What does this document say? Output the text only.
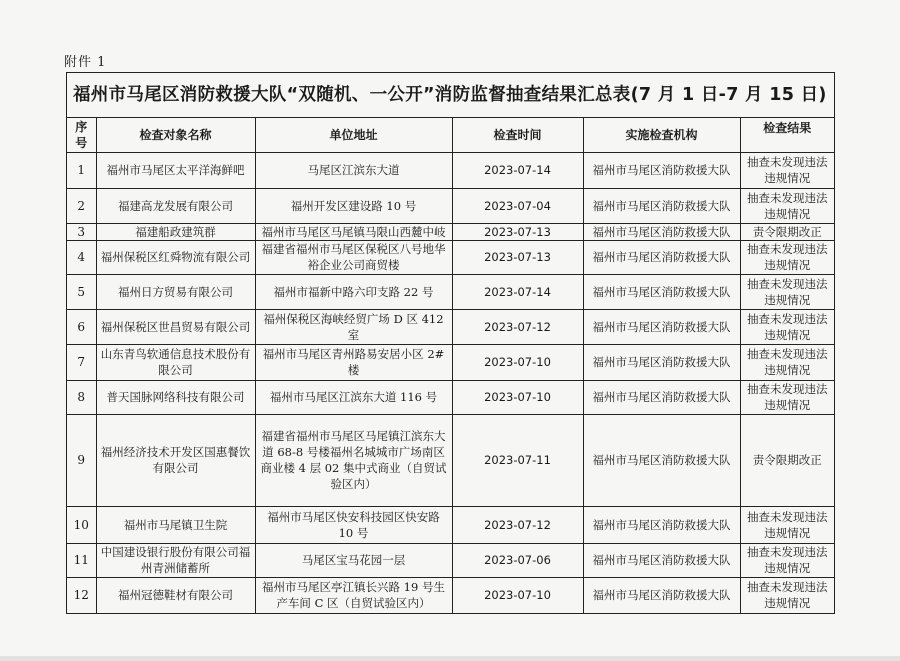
附件 1
福州市马尾区消防救援大队“双随机、一公开”消防监督抽查结果汇总表(7 月 1 日-7 月 15 日)
序
号	检查对象名称	单位地址	检查时间	实施检查机构	检查结果
1	福州市马尾区太平洋海鲜吧	马尾区江滨东大道	2023-07-14	福州市马尾区消防救援大队	抽查未发现违法违规情况
2	福建高龙发展有限公司	福州开发区建设路 10 号	2023-07-04	福州市马尾区消防救援大队	抽查未发现违法违规情况
3	福建船政建筑群	福州市马尾区马尾镇马限山西麓中岐	2023-07-13	福州市马尾区消防救援大队	责令限期改正
4	福州保税区红舜物流有限公司	福建省福州市马尾区保税区八号地华裕企业公司商贸楼	2023-07-13	福州市马尾区消防救援大队	抽查未发现违法违规情况
5	福州日方贸易有限公司	福州市福新中路六印支路 22 号	2023-07-14	福州市马尾区消防救援大队	抽查未发现违法违规情况
6	福州保税区世昌贸易有限公司	福州保税区海峡经贸广场 D 区 412 室	2023-07-12	福州市马尾区消防救援大队	抽查未发现违法违规情况
7	山东青鸟软通信息技术股份有限公司	福州市马尾区青州路易安居小区 2#楼	2023-07-10	福州市马尾区消防救援大队	抽查未发现违法违规情况
8	普天国脉网络科技有限公司	福州市马尾区江滨东大道 116 号	2023-07-10	福州市马尾区消防救援大队	抽查未发现违法违规情况
9	福州经济技术开发区国惠餐饮有限公司	福建省福州市马尾区马尾镇江滨东大道 68-8 号楼福州名城城市广场南区商业楼 4 层 02 集中式商业（自贸试验区内）	2023-07-11	福州市马尾区消防救援大队	责令限期改正
10	福州市马尾镇卫生院	福州市马尾区快安科技园区快安路 10 号	2023-07-12	福州市马尾区消防救援大队	抽查未发现违法违规情况
11	中国建设银行股份有限公司福州青洲储蓄所	马尾区宝马花园一层	2023-07-06	福州市马尾区消防救援大队	抽查未发现违法违规情况
12	福州冠德鞋材有限公司	福州市马尾区亭江镇长兴路 19 号生产车间 C 区（自贸试验区内）	2023-07-10	福州市马尾区消防救援大队	抽查未发现违法违规情况
